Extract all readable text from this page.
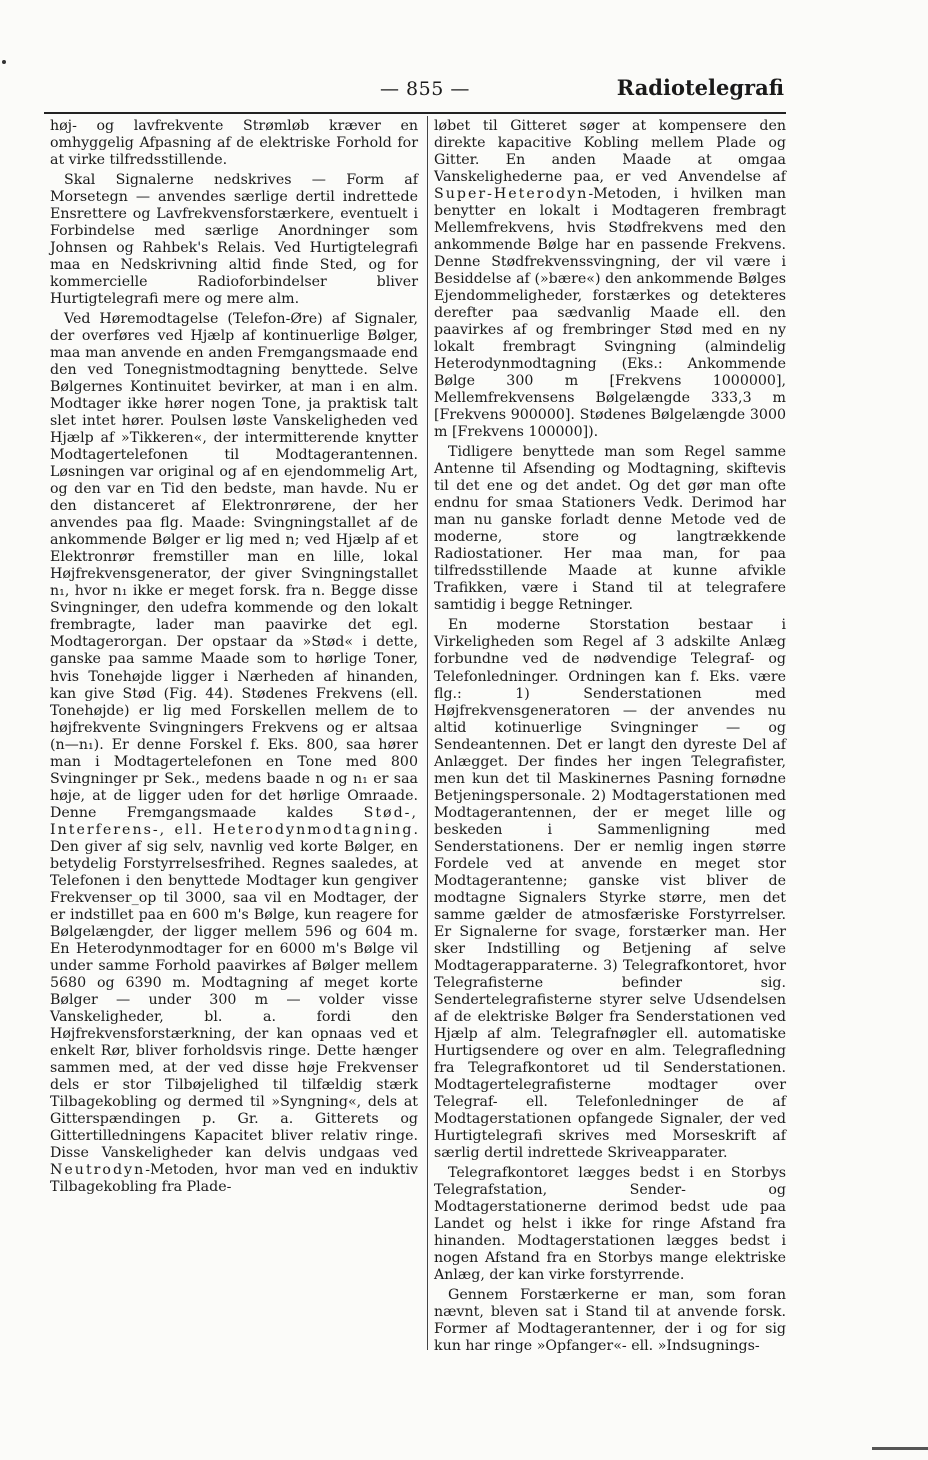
— 855 —	Radiotelegrafi

høj- og lavfrekvente Strømløb kræver en omhyggelig Afpasning af de elektriske Forhold for at virke tilfredsstillende.

Skal Signalerne nedskrives — Form af Morsetegn — anvendes særlige dertil indrettede Ensrettere og Lavfrekvensforstærkere, eventuelt i Forbindelse med særlige Anordninger som Johnsen og Rahbek's Relais. Ved Hurtigtelegrafi maa en Nedskrivning altid finde Sted, og for kommercielle Radioforbindelser bliver Hurtigtelegrafi mere og mere alm.

Ved Høremodtagelse (Telefon-Øre) af Signaler, der overføres ved Hjælp af kontinuerlige Bølger, maa man anvende en anden Fremgangsmaade end den ved Tonegnistmodtagning benyttede. Selve Bølgernes Kontinuitet bevirker, at man i en alm. Modtager ikke hører nogen Tone, ja praktisk talt slet intet hører. Poulsen løste Vanskeligheden ved Hjælp af »Tikkeren«, der intermitterende knytter Modtagertelefonen til Modtagerantennen. Løsningen var original og af en ejendommelig Art, og den var en Tid den bedste, man havde. Nu er den distanceret af Elektronrørene, der her anvendes paa flg. Maade: Svingningstallet af de ankommende Bølger er lig med n; ved Hjælp af et Elektronrør fremstiller man en lille, lokal Højfrekvensgenerator, der giver Svingningstallet n₁, hvor n₁ ikke er meget forsk. fra n. Begge disse Svingninger, den udefra kommende og den lokalt frembragte, lader man paavirke det egl. Modtagerorgan. Der opstaar da »Stød« i dette, ganske paa samme Maade som to hørlige Toner, hvis Tonehøjde ligger i Nærheden af hinanden, kan give Stød (Fig. 44). Stødenes Frekvens (ell. Tonehøjde) er lig med Forskellen mellem de to højfrekvente Svingningers Frekvens og er altsaa (n—n₁). Er denne Forskel f. Eks. 800, saa hører man i Modtagertelefonen en Tone med 800 Svingninger pr Sek., medens baade n og n₁ er saa høje, at de ligger uden for det hørlige Omraade. Denne Fremgangsmaade kaldes Stød-, Interferens-, ell. Heterodynmodtagning. Den giver af sig selv, navnlig ved korte Bølger, en betydelig Forstyrrelsesfrihed. Regnes saaledes, at Telefonen i den benyttede Modtager kun gengiver Frekvenser_op til 3000, saa vil en Modtager, der er indstillet paa en 600 m's Bølge, kun reagere for Bølgelængder, der ligger mellem 596 og 604 m. En Heterodynmodtager for en 6000 m's Bølge vil under samme Forhold paavirkes af Bølger mellem 5680 og 6390 m. Modtagning af meget korte Bølger — under 300 m — volder visse Vanskeligheder, bl. a. fordi den Højfrekvensforstærkning, der kan opnaas ved et enkelt Rør, bliver forholdsvis ringe. Dette hænger sammen med, at der ved disse høje Frekvenser dels er stor Tilbøjelighed til tilfældig stærk Tilbagekobling og dermed til »Syngning«, dels at Gitterspændingen p. Gr. a. Gitterets og Gittertilledningens Kapacitet bliver relativ ringe. Disse Vanskeligheder kan delvis undgaas ved Neutrodyn-Metoden, hvor man ved en induktiv Tilbagekobling fra Plade-

løbet til Gitteret søger at kompensere den direkte kapacitive Kobling mellem Plade og Gitter. En anden Maade at omgaa Vanskelighederne paa, er ved Anvendelse af Super-Heterodyn-Metoden, i hvilken man benytter en lokalt i Modtageren frembragt Mellemfrekvens, hvis Stødfrekvens med den ankommende Bølge har en passende Frekvens. Denne Stødfrekvenssvingning, der vil være i Besiddelse af (»bære«) den ankommende Bølges Ejendommeligheder, forstærkes og detekteres derefter paa sædvanlig Maade ell. den paavirkes af og frembringer Stød med en ny lokalt frembragt Svingning (almindelig Heterodynmodtagning (Eks.: Ankommende Bølge 300 m [Frekvens 1000000], Mellemfrekvensens Bølgelængde 333,3 m [Frekvens 900000]. Stødenes Bølgelængde 3000 m [Frekvens 100000]).

Tidligere benyttede man som Regel samme Antenne til Afsending og Modtagning, skiftevis til det ene og det andet. Og det gør man ofte endnu for smaa Stationers Vedk. Derimod har man nu ganske forladt denne Metode ved de moderne, store og langtrækkende Radiostationer. Her maa man, for paa tilfredsstillende Maade at kunne afvikle Trafikken, være i Stand til at telegrafere samtidig i begge Retninger.

En moderne Storstation bestaar i Virkeligheden som Regel af 3 adskilte Anlæg forbundne ved de nødvendige Telegraf- og Telefonledninger. Ordningen kan f. Eks. være flg.: 1) Senderstationen med Højfrekvensgeneratoren — der anvendes nu altid kotinuerlige Svingninger — og Sendeantennen. Det er langt den dyreste Del af Anlægget. Der findes her ingen Telegrafister, men kun det til Maskinernes Pasning fornødne Betjeningspersonale. 2) Modtagerstationen med Modtagerantennen, der er meget lille og beskeden i Sammenligning med Senderstationens. Der er nemlig ingen større Fordele ved at anvende en meget stor Modtagerantenne; ganske vist bliver de modtagne Signalers Styrke større, men det samme gælder de atmosfæriske Forstyrrelser. Er Signalerne for svage, forstærker man. Her sker Indstilling og Betjening af selve Modtagerapparaterne. 3) Telegrafkontoret, hvor Telegrafisterne befinder sig. Sendertelegrafisterne styrer selve Udsendelsen af de elektriske Bølger fra Senderstationen ved Hjælp af alm. Telegrafnøgler ell. automatiske Hurtigsendere og over en alm. Telegrafledning fra Telegrafkontoret ud til Senderstationen. Modtagertelegrafisterne modtager over Telegraf- ell. Telefonledninger de af Modtagerstationen opfangede Signaler, der ved Hurtigtelegrafi skrives med Morseskrift af særlig dertil indrettede Skriveapparater.

Telegrafkontoret lægges bedst i en Storbys Telegrafstation, Sender- og Modtagerstationerne derimod bedst ude paa Landet og helst i ikke for ringe Afstand fra hinanden. Modtagerstationen lægges bedst i nogen Afstand fra en Storbys mange elektriske Anlæg, der kan virke forstyrrende.

Gennem Forstærkerne er man, som foran nævnt, bleven sat i Stand til at anvende forsk. Former af Modtagerantenner, der i og for sig kun har ringe »Opfanger«- ell. »Indsugnings-
